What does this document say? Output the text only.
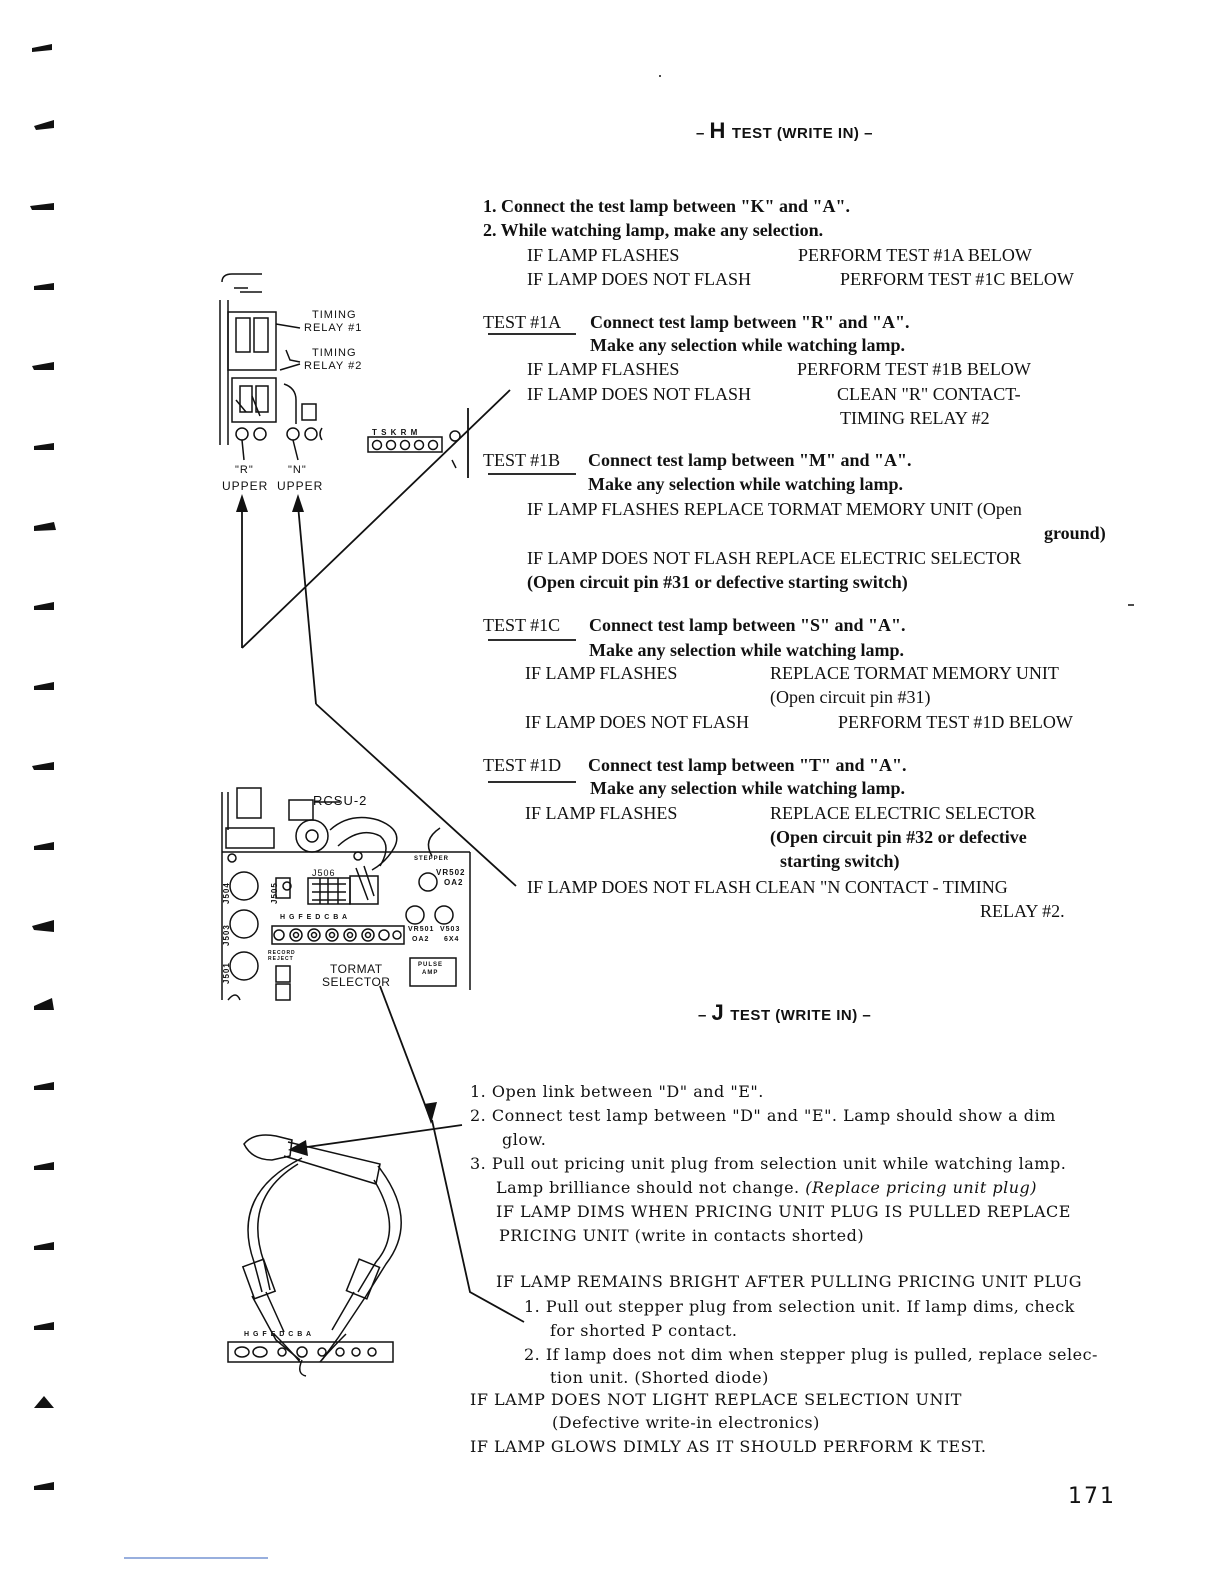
– H TEST (WRITE IN) –
1. Connect the test lamp between "K" and "A".
2. While watching lamp, make any selection.
IF LAMP FLASHES	PERFORM TEST #1A BELOW
IF LAMP DOES NOT FLASH	PERFORM TEST #1C BELOW
TEST #1A Connect test lamp between "R" and "A".
Make any selection while watching lamp.
IF LAMP FLASHES	PERFORM TEST #1B BELOW
IF LAMP DOES NOT FLASH	CLEAN "R" CONTACT-
TIMING RELAY #2
TEST #1B Connect test lamp between "M" and "A".
Make any selection while watching lamp.
IF LAMP FLASHES REPLACE TORMAT MEMORY UNIT (Open
ground)
IF LAMP DOES NOT FLASH REPLACE ELECTRIC SELECTOR
(Open circuit pin #31 or defective starting switch)
TEST #1C Connect test lamp between "S" and "A".
Make any selection while watching lamp.
IF LAMP FLASHES	REPLACE TORMAT MEMORY UNIT
(Open circuit pin #31)
IF LAMP DOES NOT FLASH	PERFORM TEST #1D BELOW
TEST #1D Connect test lamp between "T" and "A".
Make any selection while watching lamp.
IF LAMP FLASHES	REPLACE ELECTRIC SELECTOR
(Open circuit pin #32 or defective
starting switch)
IF LAMP DOES NOT FLASH CLEAN "N CONTACT - TIMING
RELAY #2.
– J TEST (WRITE IN) –
1. Open link between "D" and "E".
2. Connect test lamp between "D" and "E". Lamp should show a dim
glow.
3. Pull out pricing unit plug from selection unit while watching lamp.
Lamp brilliance should not change. (Replace pricing unit plug)
IF LAMP DIMS WHEN PRICING UNIT PLUG IS PULLED REPLACE
PRICING UNIT (write in contacts shorted)
IF LAMP REMAINS BRIGHT AFTER PULLING PRICING UNIT PLUG
1. Pull out stepper plug from selection unit. If lamp dims, check
for shorted P contact.
2. If lamp does not dim when stepper plug is pulled, replace selec-
tion unit. (Shorted diode)
IF LAMP DOES NOT LIGHT REPLACE SELECTION UNIT
(Defective write-in electronics)
IF LAMP GLOWS DIMLY AS IT SHOULD PERFORM K TEST.
TIMING
RELAY #1
TIMING
RELAY #2
T S K R M
"R"	"N"
UPPER UPPER
RCSU-2
STEPPER
VR502
OA2
J506
J504	J505
H G F E D C B A
J503
J501
VR501 V503
OA2 6X4
RECORD REJECT
TORMAT
SELECTOR
PULSE
AMP
H G F E D C B A
171
